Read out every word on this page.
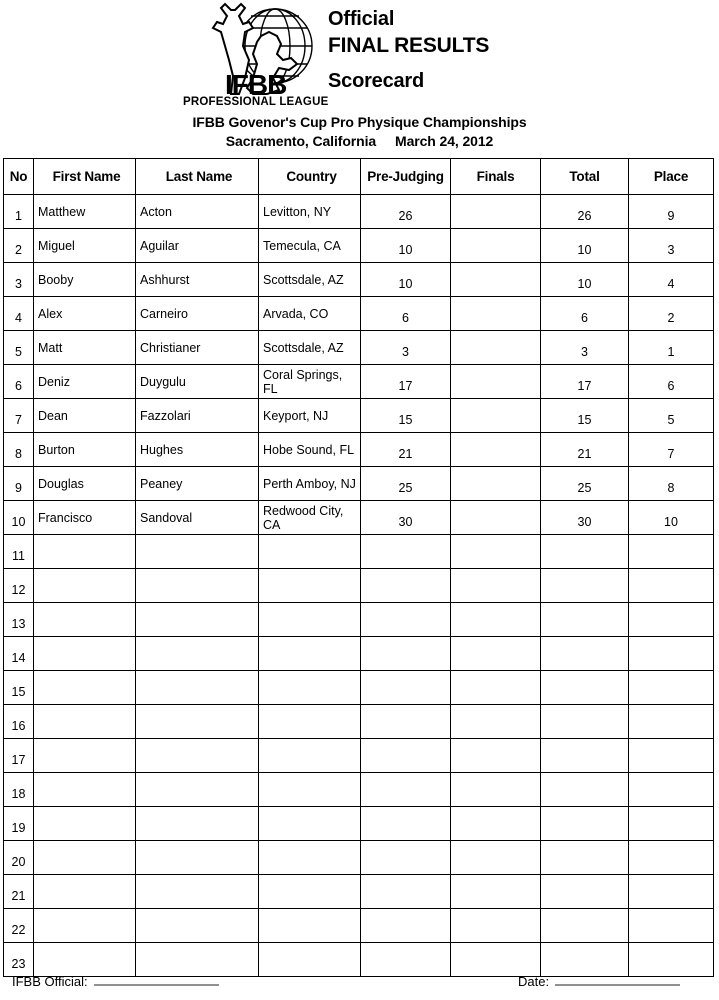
IFBB
PROFESSIONAL LEAGUE
Official
FINAL RESULTS
Scorecard
IFBB Govenor's Cup Pro Physique Championships
Sacramento, California     March 24, 2012
No	First Name	Last Name	Country	Pre-Judging	Finals	Total	Place

1	Matthew	Acton	Levitton, NY	26		26	9

2	Miguel	Aguilar	Temecula, CA	10		10	3

3	Booby	Ashhurst	Scottsdale, AZ	10		10	4

4	Alex	Carneiro	Arvada, CO	6		6	2

5	Matt	Christianer	Scottsdale, AZ	3		3	1

6	Deniz	Duygulu	Coral Springs, FL	17		17	6

7	Dean	Fazzolari	Keyport, NJ	15		15	5

8	Burton	Hughes	Hobe Sound, FL	21		21	7

9	Douglas	Peaney	Perth Amboy, NJ	25		25	8

10	Francisco	Sandoval	Redwood City, CA	30		30	10

11							

12							

13							

14							

15							

16							

17							

18							

19							

20							

21							

22							

23							

IFBB Official:	Date:
